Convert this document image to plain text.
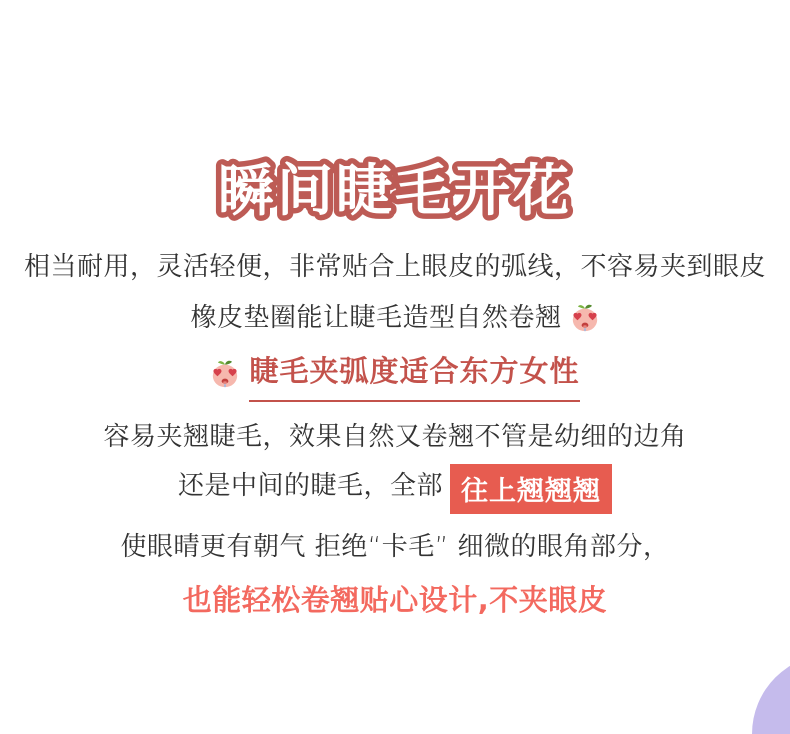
瞬间睫毛开花
相当耐用，灵活轻便，非常贴合上眼皮的弧线，不容易夹到眼皮
橡皮垫圈能让睫毛造型自然卷翘
睫毛夹弧度适合东方女性
容易夹翘睫毛，效果自然又卷翘不管是幼细的边角
还是中间的睫毛，全部 往上翘翘翘
使眼晴更有朝气 拒绝“卡毛” 细微的眼角部分，
也能轻松卷翘贴心设计,不夹眼皮
